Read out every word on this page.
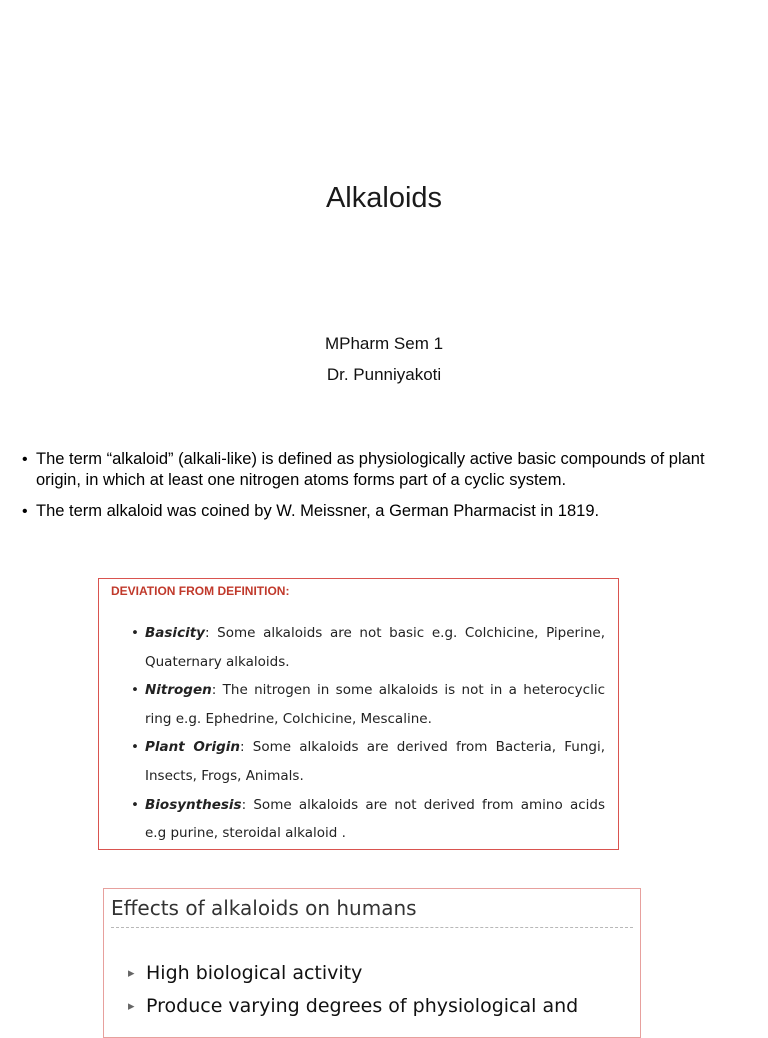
Alkaloids
MPharm Sem 1
Dr. Punniyakoti
• The term “alkaloid” (alkali-like) is defined as physiologically active basic compounds of plant origin, in which at least one nitrogen atoms forms part of a cyclic system.
• The term alkaloid was coined by W. Meissner, a German Pharmacist in 1819.
DEVIATION FROM DEFINITION:
• Basicity: Some alkaloids are not basic e.g. Colchicine, Piperine, Quaternary alkaloids.
• Nitrogen: The nitrogen in some alkaloids is not in a heterocyclic ring e.g. Ephedrine, Colchicine, Mescaline.
• Plant Origin: Some alkaloids are derived from Bacteria, Fungi, Insects, Frogs, Animals.
• Biosynthesis: Some alkaloids are not derived from amino acids e.g purine, steroidal alkaloid .
Effects of alkaloids on humans
▸ High biological activity
▸ Produce varying degrees of physiological and
